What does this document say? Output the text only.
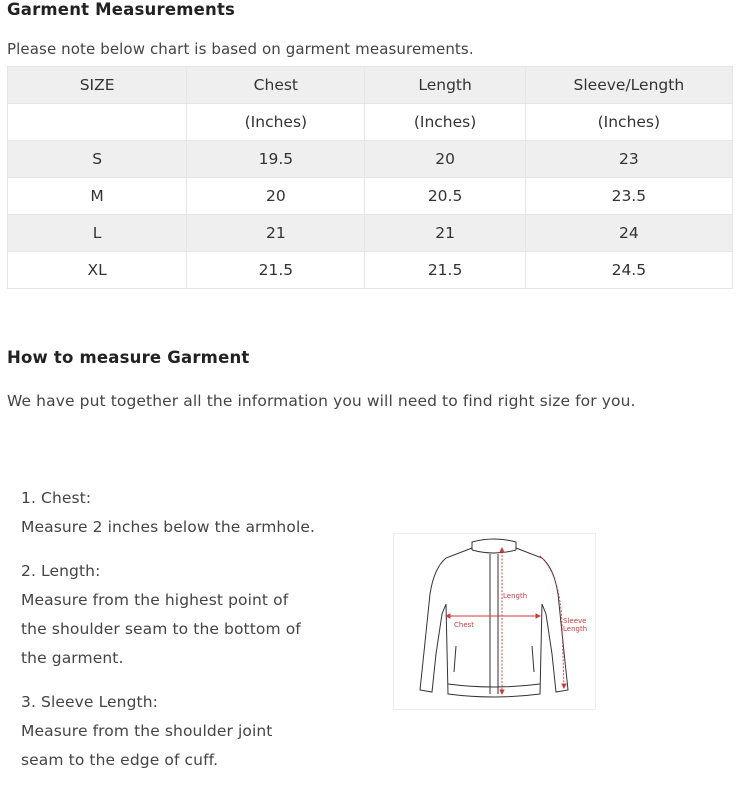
Garment Measurements

Please note below chart is based on garment measurements.

SIZE	Chest	Length	Sleeve/Length
	(Inches)	(Inches)	(Inches)
S	19.5	20	23
M	20	20.5	23.5
L	21	21	24
XL	21.5	21.5	24.5
How to measure Garment

We have put together all the information you will need to find right size for you.

1. Chest:
Measure 2 inches below the armhole.
2. Length:
Measure from the highest point of
the shoulder seam to the bottom of
the garment.
3. Sleeve Length:
Measure from the shoulder joint
seam to the edge of cuff.
Chest
Length
Sleeve
Length
